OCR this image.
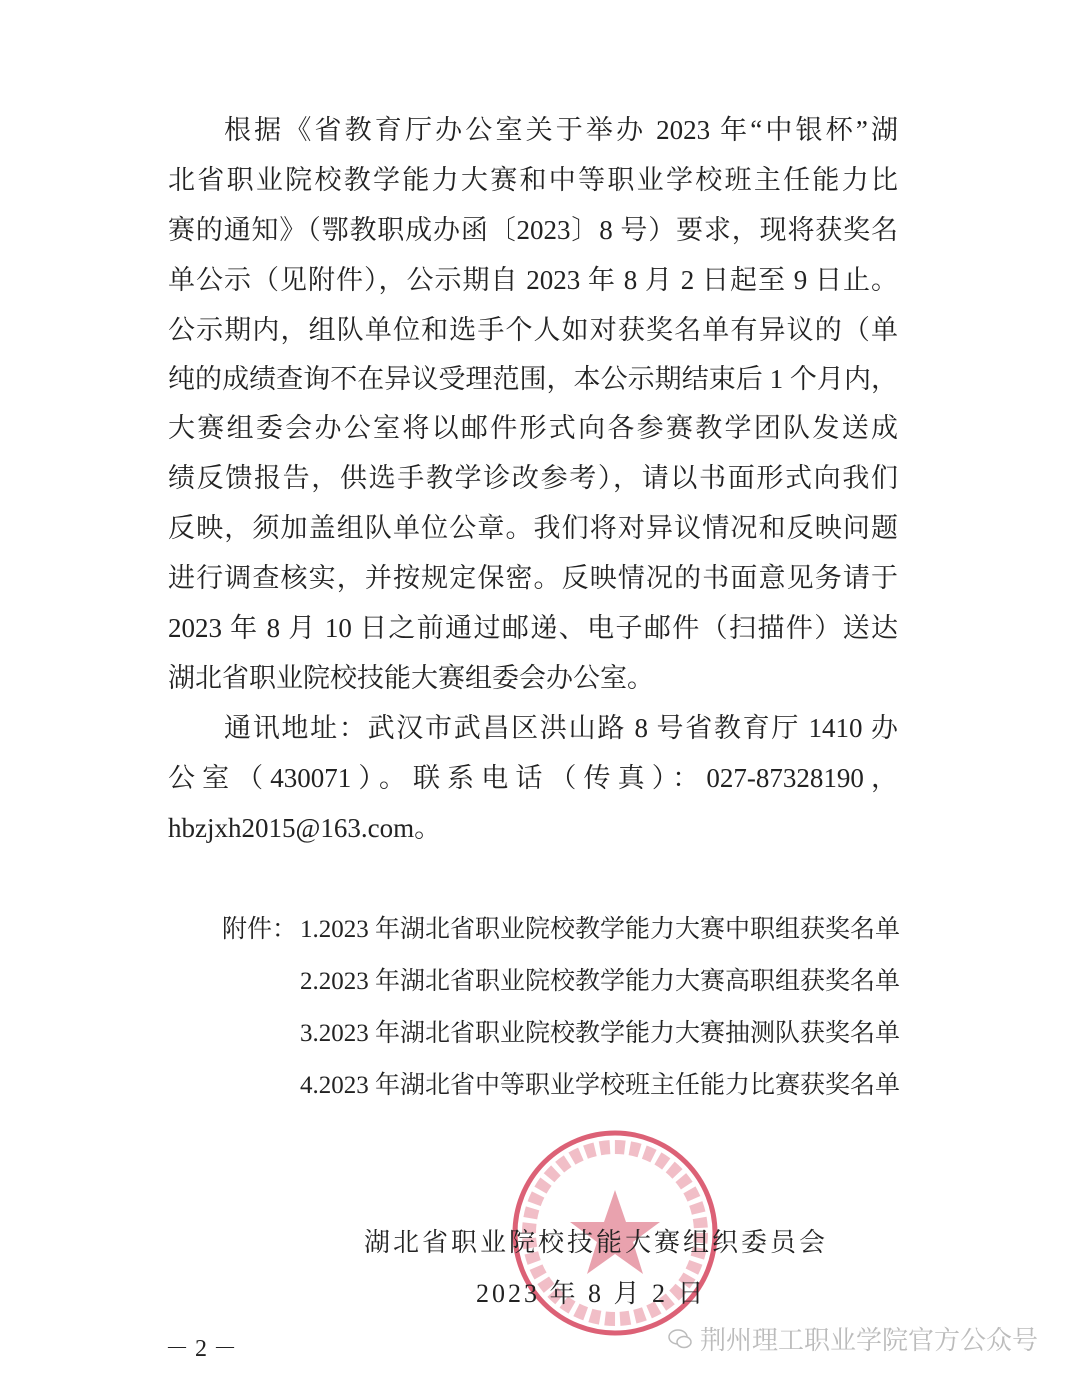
根据《省教育厅办公室关于举办 2023 年“中银杯”湖
北省职业院校教学能力大赛和中等职业学校班主任能力比
赛的通知》（鄂教职成办函〔2023〕8 号）要求，现将获奖名
单公示（见附件），公示期自 2023 年 8 月 2 日起至 9 日止。
公示期内，组队单位和选手个人如对获奖名单有异议的（单
纯的成绩查询不在异议受理范围，本公示期结束后 1 个月内，
大赛组委会办公室将以邮件形式向各参赛教学团队发送成
绩反馈报告，供选手教学诊改参考），请以书面形式向我们
反映，须加盖组队单位公章。我们将对异议情况和反映问题
进行调查核实，并按规定保密。反映情况的书面意见务请于
2023 年 8 月 10 日之前通过邮递、电子邮件（扫描件）送达
湖北省职业院校技能大赛组委会办公室。
通讯地址：武汉市武昌区洪山路 8 号省教育厅 1410 办
公室（430071）。联系电话（传真）：027-87328190，
hbzjxh2015@163.com。
附件： 1.2023 年湖北省职业院校教学能力大赛中职组获奖名单
2.2023 年湖北省职业院校教学能力大赛高职组获奖名单
3.2023 年湖北省职业院校教学能力大赛抽测队获奖名单
4.2023 年湖北省中等职业学校班主任能力比赛获奖名单
湖北省职业院校技能大赛组织委员会
2023 年 8 月 2 日
－ 2 －	荆州理工职业学院官方公众号
